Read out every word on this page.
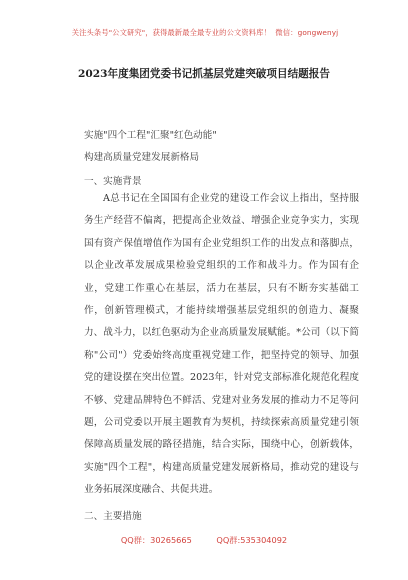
关注头条号"公文研究"，获得最新最全最专业的公文资料库！ 微信：gongwenyj
2023年度集团党委书记抓基层党建突破项目结题报告
实施"四个工程"汇聚"红色动能"
构建高质量党建发展新格局
一、实施背景

A总书记在全国国有企业党的建设工作会议上指出，坚持服务生产经营不偏离，把提高企业效益、增强企业竞争实力，实现国有资产保值增值作为国有企业党组织工作的出发点和落脚点，以企业改革发展成果检验党组织的工作和战斗力。作为国有企业，党建工作重心在基层，活力在基层，只有不断夯实基础工作，创新管理模式，才能持续增强基层党组织的创造力、凝聚力、战斗力，以红色驱动为企业高质量发展赋能。*公司（以下简称"公司"）党委始终高度重视党建工作，把坚持党的领导、加强党的建设摆在突出位置。2023年，针对党支部标准化规范化程度不够、党建品牌特色不鲜活、党建对业务发展的推动力不足等问题，公司党委以开展主题教育为契机，持续探索高质量党建引领保障高质量发展的路径措施，结合实际，围绕中心，创新载体，实施"四个工程"，构建高质量党建发展新格局，推动党的建设与业务拓展深度融合、共促共进。

二、主要措施
QQ群：30265665	QQ群:535304092
